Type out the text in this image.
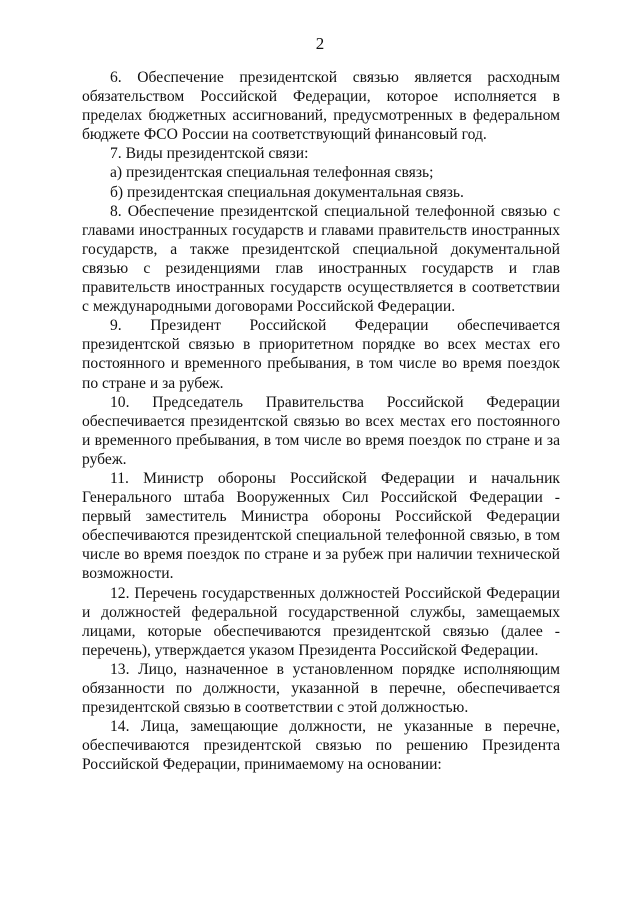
2

6. Обеспечение президентской связью является расходным обязательством Российской Федерации, которое исполняется в пределах бюджетных ассигнований, предусмотренных в федеральном бюджете ФСО России на соответствующий финансовый год.

7. Виды президентской связи:

а) президентская специальная телефонная связь;

б) президентская специальная документальная связь.

8. Обеспечение президентской специальной телефонной связью с главами иностранных государств и главами правительств иностранных государств, а также президентской специальной документальной связью с резиденциями глав иностранных государств и глав правительств иностранных государств осуществляется в соответствии с международными договорами Российской Федерации.

9. Президент Российской Федерации обеспечивается президентской связью в приоритетном порядке во всех местах его постоянного и временного пребывания, в том числе во время поездок по стране и за рубеж.

10. Председатель Правительства Российской Федерации обеспечивается президентской связью во всех местах его постоянного и временного пребывания, в том числе во время поездок по стране и за рубеж.

11. Министр обороны Российской Федерации и начальник Генерального штаба Вооруженных Сил Российской Федерации - первый заместитель Министра обороны Российской Федерации обеспечиваются президентской специальной телефонной связью, в том числе во время поездок по стране и за рубеж при наличии технической возможности.

12. Перечень государственных должностей Российской Федерации и должностей федеральной государственной службы, замещаемых лицами, которые обеспечиваются президентской связью (далее - перечень), утверждается указом Президента Российской Федерации.

13. Лицо, назначенное в установленном порядке исполняющим обязанности по должности, указанной в перечне, обеспечивается президентской связью в соответствии с этой должностью.

14. Лица, замещающие должности, не указанные в перечне, обеспечиваются президентской связью по решению Президента Российской Федерации, принимаемому на основании:
